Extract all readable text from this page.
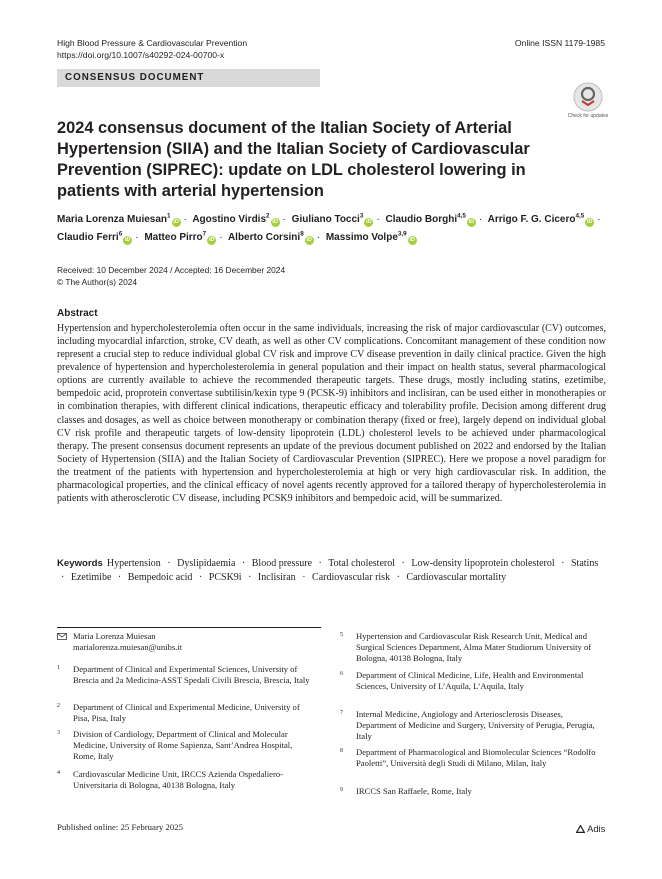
High Blood Pressure & Cardiovascular Prevention
https://doi.org/10.1007/s40292-024-00700-x
Online ISSN 1179-1985
CONSENSUS DOCUMENT
Check for updates
2024 consensus document of the Italian Society of Arterial Hypertension (SIIA) and the Italian Society of Cardiovascular Prevention (SIPREC): update on LDL cholesterol lowering in patients with arterial hypertension
Maria Lorenza Muiesan$^1$iD · Agostino Virdis$^2$iD · Giuliano Tocci$^3$iD · Claudio Borghi$^{4,5}$iD · Arrigo F. G. Cicero$^{4,5}$iD · Claudio Ferri$^6$iD · Matteo Pirro$^7$iD · Alberto Corsini$^8$iD · Massimo Volpe$^{3,9}$iD
Received: 10 December 2024 / Accepted: 16 December 2024
© The Author(s) 2024
Abstract

Hypertension and hypercholesterolemia often occur in the same individuals, increasing the risk of major cardiovascular (CV) outcomes, including myocardial infarction, stroke, CV death, as well as other CV complications. Concomitant management of these condition now represent a crucial step to reduce individual global CV risk and improve CV disease prevention in daily clinical practice. Given the high prevalence of hypertension and hypercholesterolemia in general population and their impact on health status, several pharmacological options are currently available to achieve the recommended therapeutic targets. These drugs, mostly including statins, ezetimibe, bempedoic acid, proprotein convertase subtilisin/kexin type 9 (PCSK-9) inhibitors and inclisiran, can be used either in monotherapies or in combination therapies, with different clinical indications, therapeutic efficacy and tolerability profile. Decision among different drug classes and dosages, as well as choice between monotherapy or combination therapy (fixed or free), largely depend on individual global CV risk profile and therapeutic targets of low-density lipoprotein (LDL) cholesterol levels to be achieved under pharmacological therapy. The present consensus document represents an update of the previous document published on 2022 and endorsed by the Italian Society of Hypertension (SIIA) and the Italian Society of Cardiovascular Prevention (SIPREC). Here we propose a novel paradigm for the treatment of the patients with hypertension and hypercholesterolemia at high or very high cardiovascular risk. In addition, the pharmacological properties, and the clinical efficacy of novel agents recently approved for a tailored therapy of hypercholesterolemia in patients with atherosclerotic CV disease, including PCSK9 inhibitors and bempedoic acid, will be summarized.

Keywords Hypertension · Dyslipidaemia · Blood pressure · Total cholesterol · Low-density lipoprotein cholesterol · Statins · Ezetimibe · Bempedoic acid · PCSK9i · Inclisiran · Cardiovascular risk · Cardiovascular mortality
Maria Lorenza Muiesan
marialorenza.muiesan@unibs.it
1 Department of Clinical and Experimental Sciences, University of Brescia and 2a Medicina-ASST Spedali Civili Brescia, Brescia, Italy
2 Department of Clinical and Experimental Medicine, University of Pisa, Pisa, Italy
3 Division of Cardiology, Department of Clinical and Molecular Medicine, University of Rome Sapienza, Sant’Andrea Hospital, Rome, Italy
4 Cardiovascular Medicine Unit, IRCCS Azienda Ospedaliero-Universitaria di Bologna, 40138 Bologna, Italy
5 Hypertension and Cardiovascular Risk Research Unit, Medical and Surgical Sciences Department, Alma Mater Studiorum University of Bologna, 40138 Bologna, Italy
6 Department of Clinical Medicine, Life, Health and Environmental Sciences, University of L’Aquila, L’Aquila, Italy
7 Internal Medicine, Angiology and Arteriosclerosis Diseases, Department of Medicine and Surgery, University of Perugia, Perugia, Italy
8 Department of Pharmacological and Biomolecular Sciences “Rodolfo Paoletti”, Università degli Studi di Milano, Milan, Italy
9 IRCCS San Raffaele, Rome, Italy
Published online: 25 February 2025	Adis
